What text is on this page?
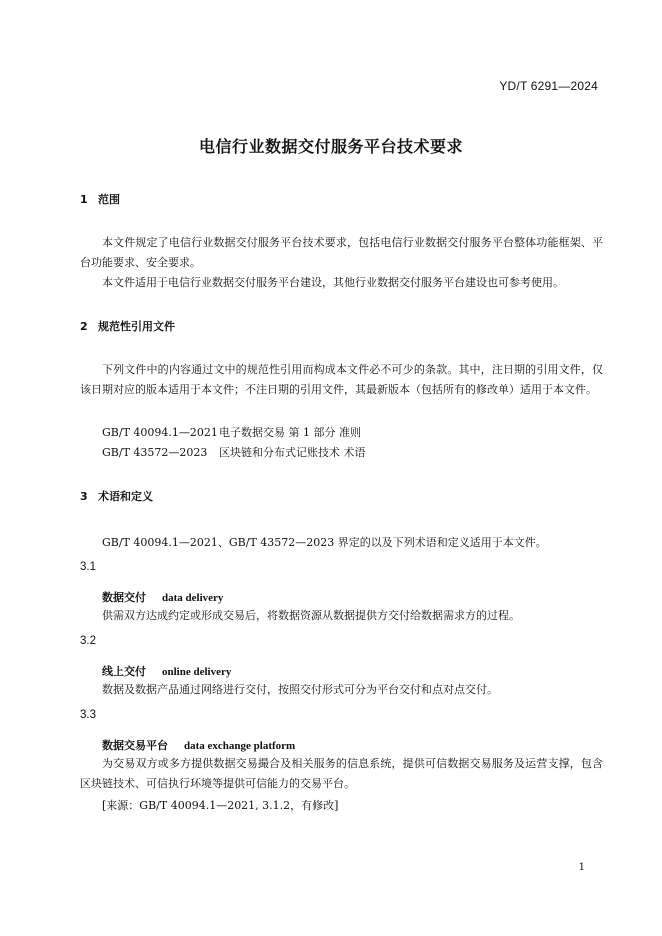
YD/T 6291—2024
电信行业数据交付服务平台技术要求
1 范围
本文件规定了电信行业数据交付服务平台技术要求，包括电信行业数据交付服务平台整体功能框架、平台功能要求、安全要求。
本文件适用于电信行业数据交付服务平台建设，其他行业数据交付服务平台建设也可参考使用。
2 规范性引用文件
下列文件中的内容通过文中的规范性引用而构成本文件必不可少的条款。其中，注日期的引用文件，仅该日期对应的版本适用于本文件；不注日期的引用文件，其最新版本（包括所有的修改单）适用于本文件。
GB/T 40094.1—2021电子数据交易 第 1 部分 准则
GB/T 43572—2023 区块链和分布式记账技术 术语
3 术语和定义
GB/T 40094.1—2021、GB/T 43572—2023 界定的以及下列术语和定义适用于本文件。
3.1
数据交付 data delivery
供需双方达成约定或形成交易后，将数据资源从数据提供方交付给数据需求方的过程。
3.2
线上交付 online delivery
数据及数据产品通过网络进行交付，按照交付形式可分为平台交付和点对点交付。
3.3
数据交易平台 data exchange platform
为交易双方或多方提供数据交易撮合及相关服务的信息系统，提供可信数据交易服务及运营支撑，包含区块链技术、可信执行环境等提供可信能力的交易平台。
[来源：GB/T 40094.1—2021, 3.1.2，有修改]
1
